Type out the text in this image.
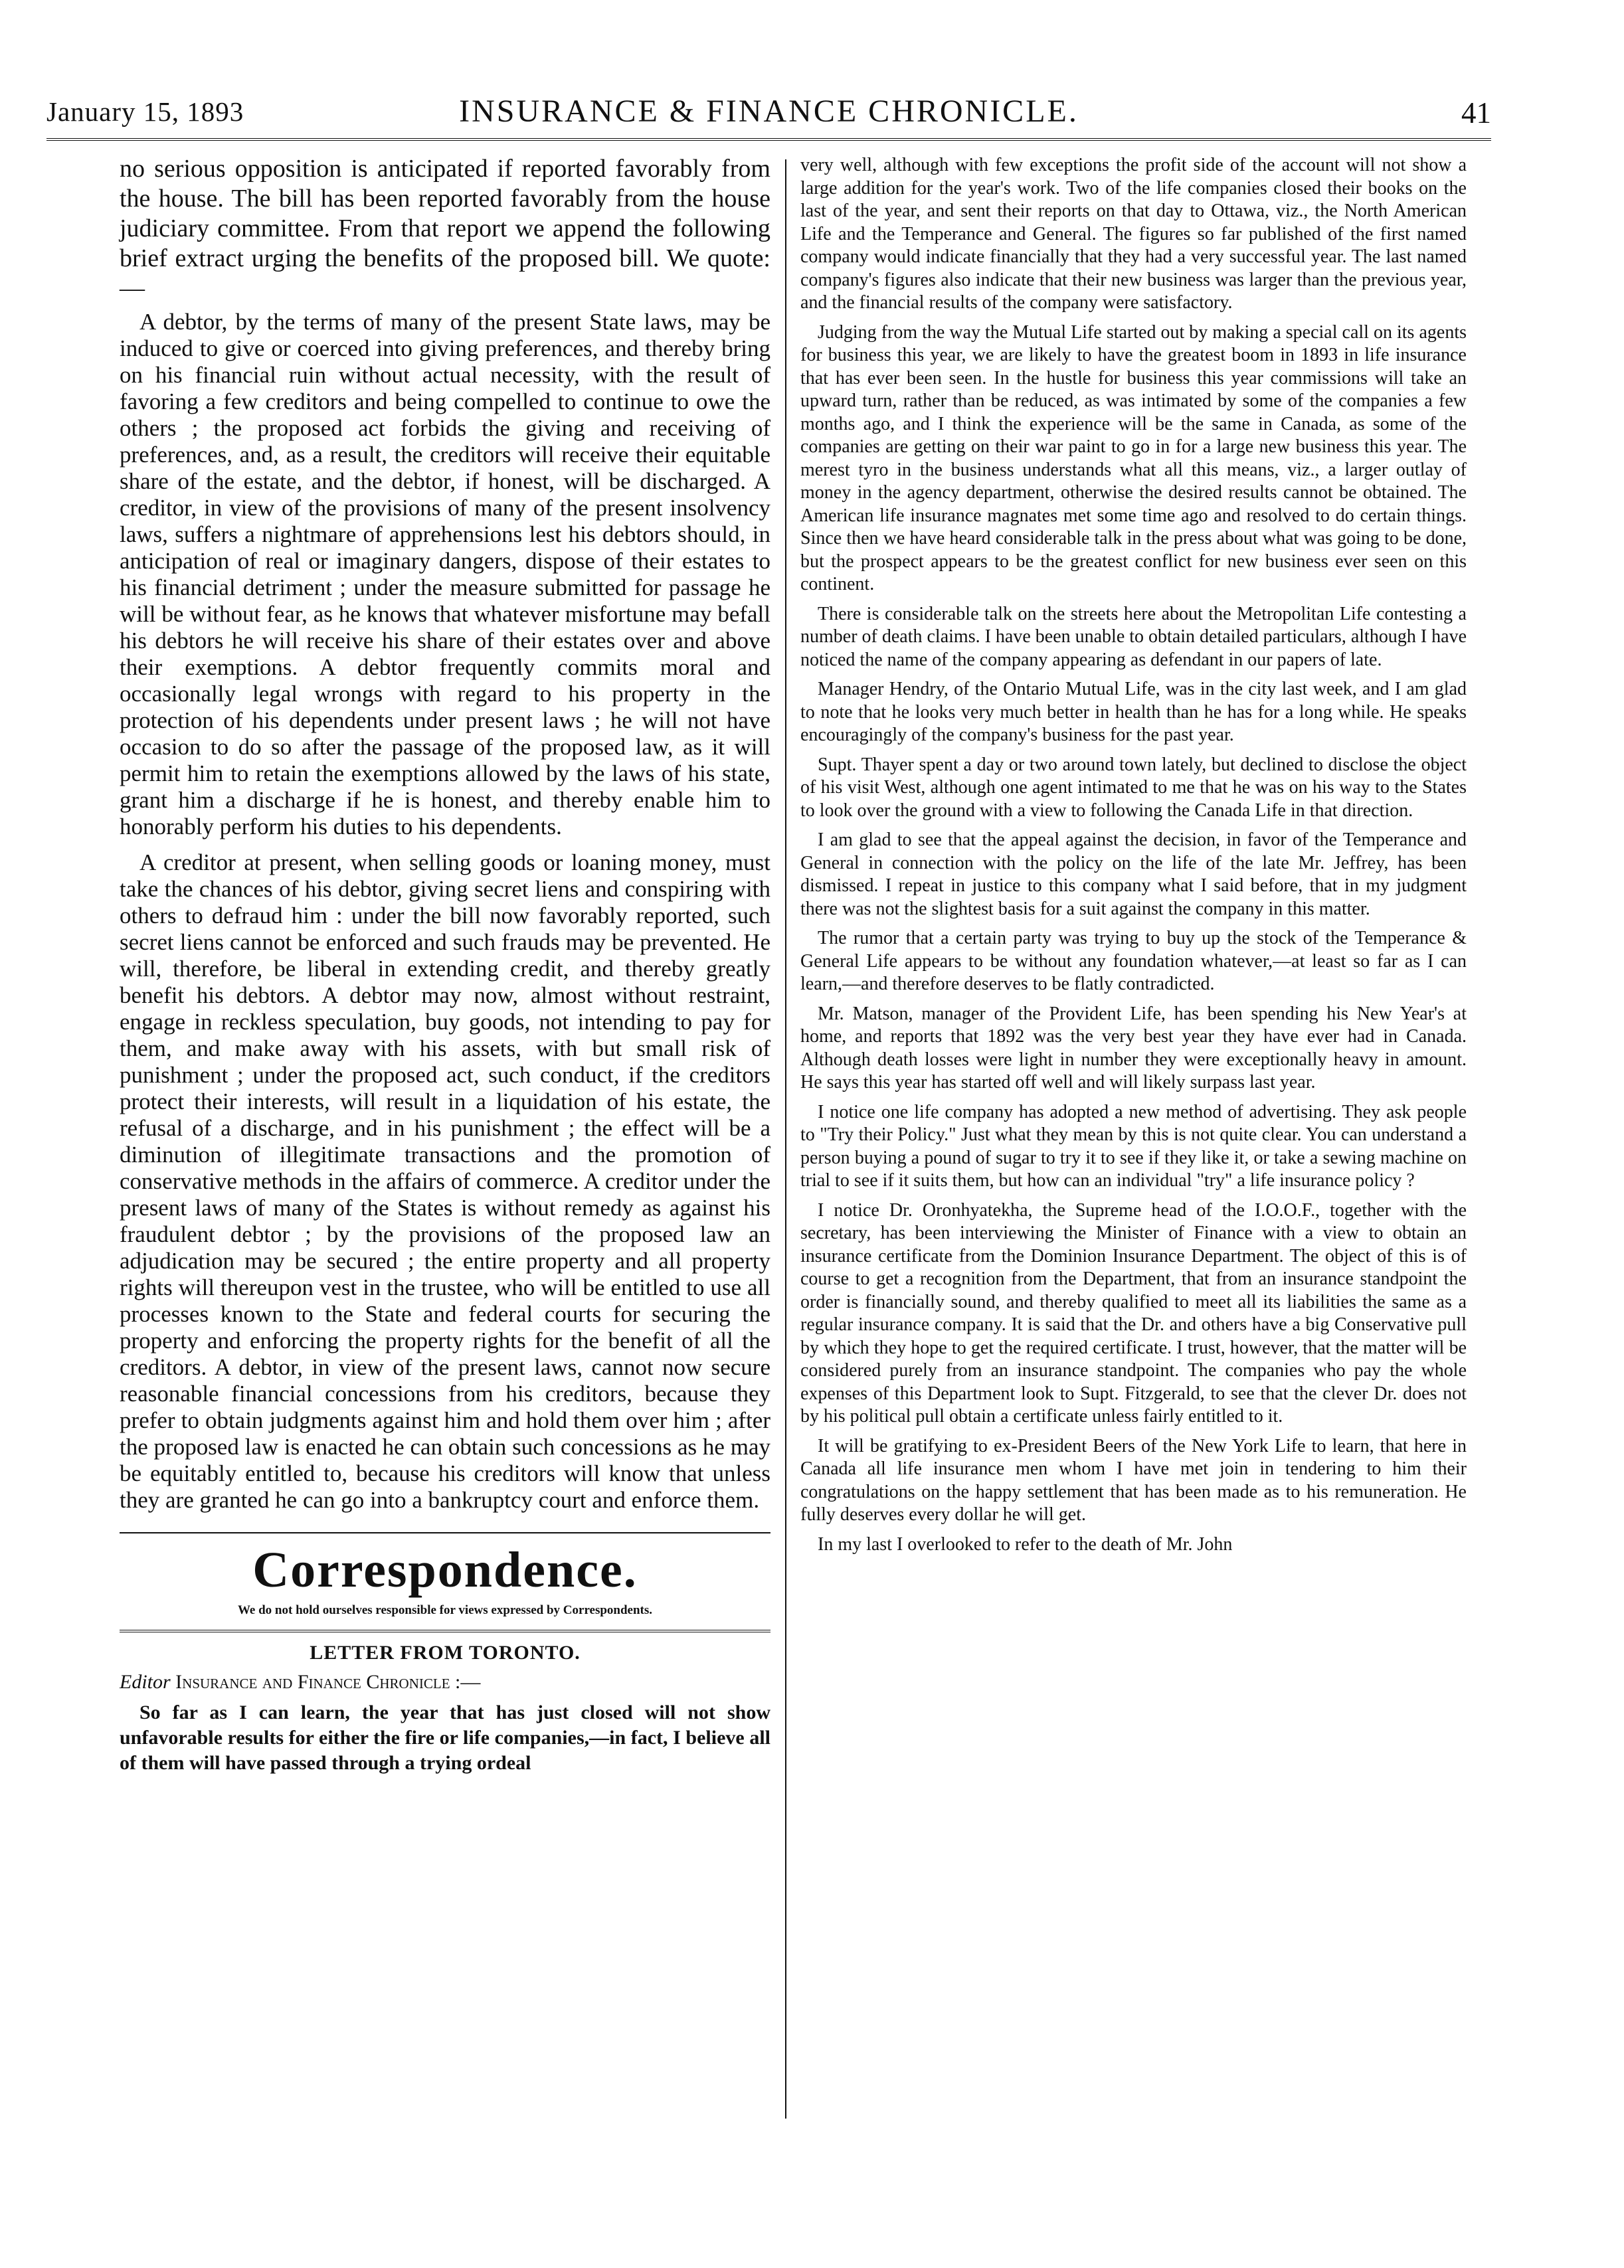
January 15, 1893	INSURANCE & FINANCE CHRONICLE.	41

no serious opposition is anticipated if reported favorably from the house. The bill has been reported favorably from the house judiciary committee. From that report we append the following brief extract urging the benefits of the proposed bill. We quote:—

A debtor, by the terms of many of the present State laws, may be induced to give or coerced into giving preferences, and thereby bring on his financial ruin without actual necessity, with the result of favoring a few creditors and being compelled to continue to owe the others ; the proposed act forbids the giving and receiving of preferences, and, as a result, the creditors will receive their equitable share of the estate, and the debtor, if honest, will be discharged. A creditor, in view of the provisions of many of the present insolvency laws, suffers a nightmare of apprehensions lest his debtors should, in anticipation of real or imaginary dangers, dispose of their estates to his financial detriment ; under the measure submitted for passage he will be without fear, as he knows that whatever misfortune may befall his debtors he will receive his share of their estates over and above their exemptions. A debtor frequently commits moral and occasionally legal wrongs with regard to his property in the protection of his dependents under present laws ; he will not have occasion to do so after the passage of the proposed law, as it will permit him to retain the exemptions allowed by the laws of his state, grant him a discharge if he is honest, and thereby enable him to honorably perform his duties to his dependents.

A creditor at present, when selling goods or loaning money, must take the chances of his debtor, giving secret liens and conspiring with others to defraud him : under the bill now favorably reported, such secret liens cannot be enforced and such frauds may be prevented. He will, therefore, be liberal in extending credit, and thereby greatly benefit his debtors. A debtor may now, almost without restraint, engage in reckless speculation, buy goods, not intending to pay for them, and make away with his assets, with but small risk of punishment ; under the proposed act, such conduct, if the creditors protect their interests, will result in a liquidation of his estate, the refusal of a discharge, and in his punishment ; the effect will be a diminution of illegitimate transactions and the promotion of conservative methods in the affairs of commerce. A creditor under the present laws of many of the States is without remedy as against his fraudulent debtor ; by the provisions of the proposed law an adjudication may be secured ; the entire property and all property rights will thereupon vest in the trustee, who will be entitled to use all processes known to the State and federal courts for securing the property and enforcing the property rights for the benefit of all the creditors. A debtor, in view of the present laws, cannot now secure reasonable financial concessions from his creditors, because they prefer to obtain judgments against him and hold them over him ; after the proposed law is enacted he can obtain such concessions as he may be equitably entitled to, because his creditors will know that unless they are granted he can go into a bankruptcy court and enforce them.

Correspondence.
We do not hold ourselves responsible for views expressed by Correspondents.
LETTER FROM TORONTO.
Editor Insurance and Finance Chronicle :—

So far as I can learn, the year that has just closed will not show unfavorable results for either the fire or life companies,—in fact, I believe all of them will have passed through a trying ordeal

very well, although with few exceptions the profit side of the account will not show a large addition for the year's work. Two of the life companies closed their books on the last of the year, and sent their reports on that day to Ottawa, viz., the North American Life and the Temperance and General. The figures so far published of the first named company would indicate financially that they had a very successful year. The last named company's figures also indicate that their new business was larger than the previous year, and the financial results of the company were satisfactory.

Judging from the way the Mutual Life started out by making a special call on its agents for business this year, we are likely to have the greatest boom in 1893 in life insurance that has ever been seen. In the hustle for business this year commissions will take an upward turn, rather than be reduced, as was intimated by some of the companies a few months ago, and I think the experience will be the same in Canada, as some of the companies are getting on their war paint to go in for a large new business this year. The merest tyro in the business understands what all this means, viz., a larger outlay of money in the agency department, otherwise the desired results cannot be obtained. The American life insurance magnates met some time ago and resolved to do certain things. Since then we have heard considerable talk in the press about what was going to be done, but the prospect appears to be the greatest conflict for new business ever seen on this continent.

There is considerable talk on the streets here about the Metropolitan Life contesting a number of death claims. I have been unable to obtain detailed particulars, although I have noticed the name of the company appearing as defendant in our papers of late.

Manager Hendry, of the Ontario Mutual Life, was in the city last week, and I am glad to note that he looks very much better in health than he has for a long while. He speaks encouragingly of the company's business for the past year.

Supt. Thayer spent a day or two around town lately, but declined to disclose the object of his visit West, although one agent intimated to me that he was on his way to the States to look over the ground with a view to following the Canada Life in that direction.

I am glad to see that the appeal against the decision, in favor of the Temperance and General in connection with the policy on the life of the late Mr. Jeffrey, has been dismissed. I repeat in justice to this company what I said before, that in my judgment there was not the slightest basis for a suit against the company in this matter.

The rumor that a certain party was trying to buy up the stock of the Temperance & General Life appears to be without any foundation whatever,—at least so far as I can learn,—and therefore deserves to be flatly contradicted.

Mr. Matson, manager of the Provident Life, has been spending his New Year's at home, and reports that 1892 was the very best year they have ever had in Canada. Although death losses were light in number they were exceptionally heavy in amount. He says this year has started off well and will likely surpass last year.

I notice one life company has adopted a new method of advertising. They ask people to "Try their Policy." Just what they mean by this is not quite clear. You can understand a person buying a pound of sugar to try it to see if they like it, or take a sewing machine on trial to see if it suits them, but how can an individual "try" a life insurance policy ?

I notice Dr. Oronhyatekha, the Supreme head of the I.O.O.F., together with the secretary, has been interviewing the Minister of Finance with a view to obtain an insurance certificate from the Dominion Insurance Department. The object of this is of course to get a recognition from the Department, that from an insurance standpoint the order is financially sound, and thereby qualified to meet all its liabilities the same as a regular insurance company. It is said that the Dr. and others have a big Conservative pull by which they hope to get the required certificate. I trust, however, that the matter will be considered purely from an insurance standpoint. The companies who pay the whole expenses of this Department look to Supt. Fitzgerald, to see that the clever Dr. does not by his political pull obtain a certificate unless fairly entitled to it.

It will be gratifying to ex-President Beers of the New York Life to learn, that here in Canada all life insurance men whom I have met join in tendering to him their congratulations on the happy settlement that has been made as to his remuneration. He fully deserves every dollar he will get.

In my last I overlooked to refer to the death of Mr. John
